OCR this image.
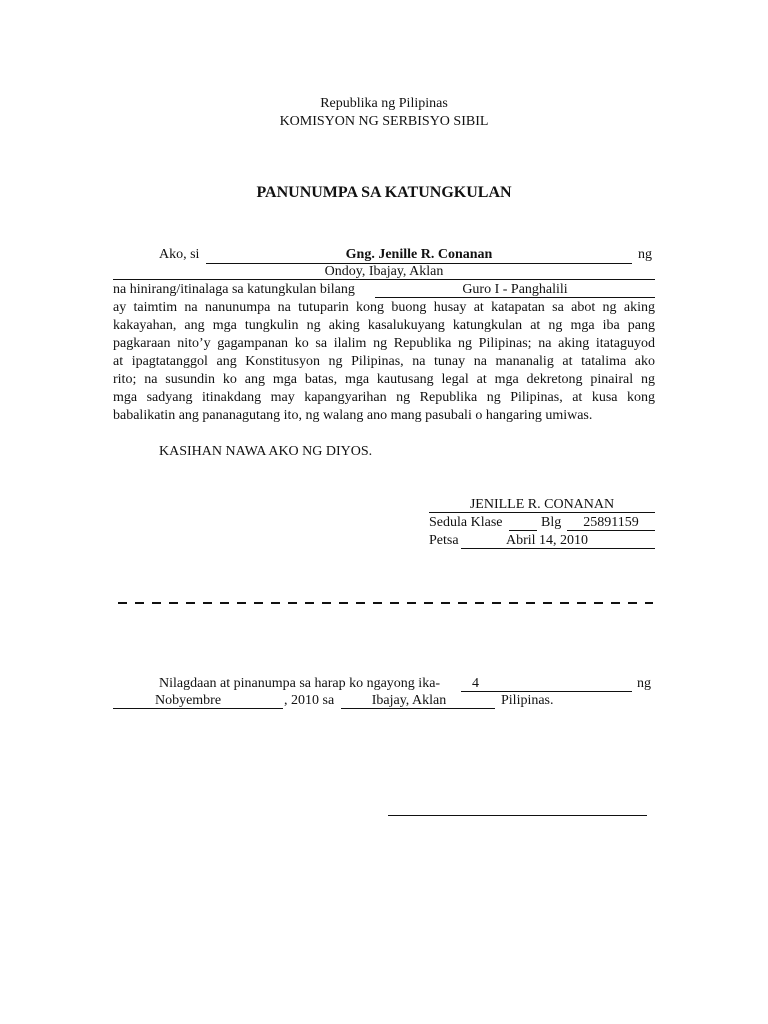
Republika ng Pilipinas
KOMISYON NG SERBISYO SIBIL
PANUNUMPA SA KATUNGKULAN
Ako, si	Gng. Jenille R. Conanan	ng
Ondoy, Ibajay, Aklan
na hinirang/itinalaga sa katungkulan bilang	Guro I - Panghalili
ay taimtim na nanunumpa na tutuparin kong buong husay at katapatan sa abot ng aking
kakayahan, ang mga tungkulin ng aking kasalukuyang katungkulan at ng mga iba pang
pagkaraan nito’y gagampanan ko sa ilalim ng Republika ng Pilipinas; na aking itataguyod
at ipagtatanggol ang Konstitusyon ng Pilipinas, na tunay na mananalig at tatalima ako
rito; na susundin ko ang mga batas, mga kautusang legal at mga dekretong pinairal ng
mga sadyang itinakdang may kapangyarihan ng Republika ng Pilipinas, at kusa kong
babalikatin ang pananagutang ito, ng walang ano mang pasubali o hangaring umiwas.
KASIHAN NAWA AKO NG DIYOS.
JENILLE R. CONANAN
Sedula Klase	Blg	25891159
Petsa	Abril 14, 2010
Nilagdaan at pinanumpa sa harap ko ngayong ika- 4	ng
Nobyembre	, 2010 sa	Ibajay, Aklan	Pilipinas.
